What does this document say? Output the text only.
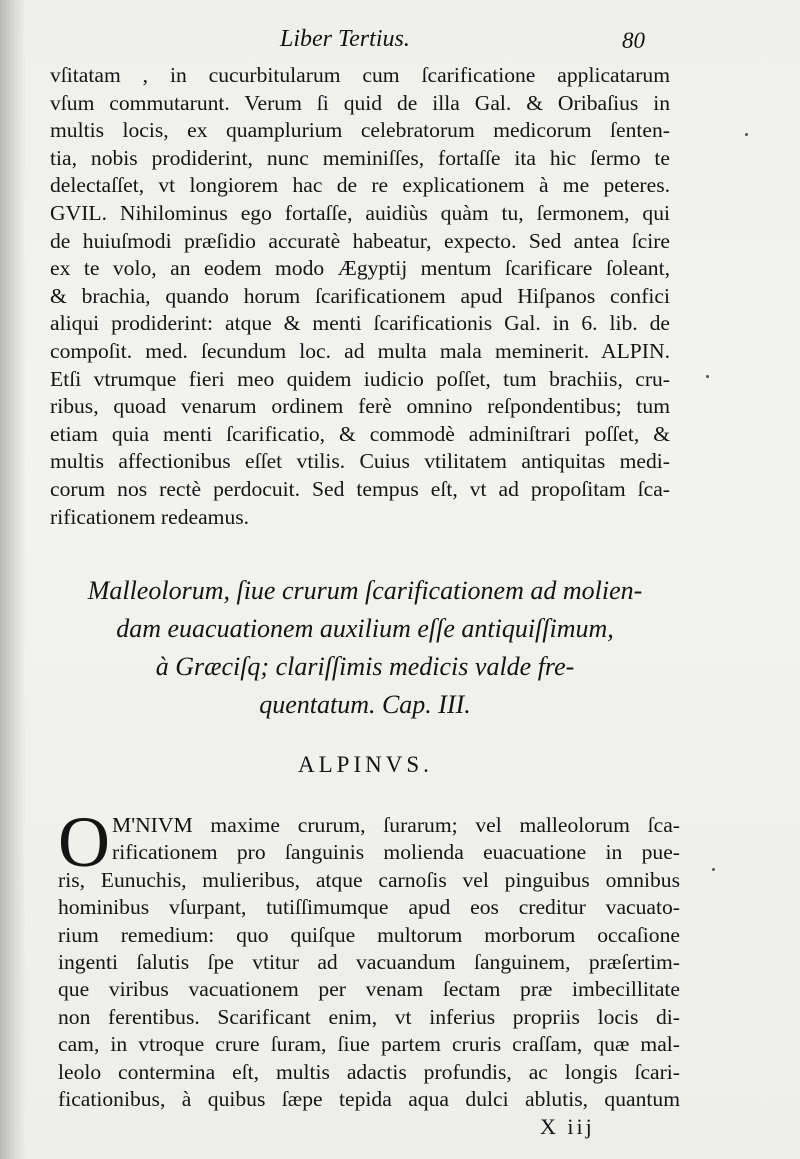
Liber Tertius.	80
vſitatam , in cucurbitularum cum ſcarificatione applicatarum
vſum commutarunt. Verum ſi quid de illa Gal. & Oribaſius in
multis locis, ex quamplurium celebratorum medicorum ſenten-
tia, nobis prodiderint, nunc meminiſſes, fortaſſe ita hic ſermo te
delectaſſet, vt longiorem hac de re explicationem à me peteres.
GVIL. Nihilominus ego fortaſſe, auidiùs quàm tu, ſermonem, qui
de huiuſmodi præſidio accuratè habeatur, expecto. Sed antea ſcire
ex te volo, an eodem modo Ægyptij mentum ſcarificare ſoleant,
& brachia, quando horum ſcarificationem apud Hiſpanos confici
aliqui prodiderint: atque & menti ſcarificationis Gal. in 6. lib. de
compoſit. med. ſecundum loc. ad multa mala meminerit. ALPIN.
Etſi vtrumque fieri meo quidem iudicio poſſet, tum brachiis, cru-
ribus, quoad venarum ordinem ferè omnino reſpondentibus; tum
etiam quia menti ſcarificatio, & commodè adminiſtrari poſſet, &
multis affectionibus eſſet vtilis. Cuius vtilitatem antiquitas medi-
corum nos rectè perdocuit. Sed tempus eſt, vt ad propoſitam ſca-
rificationem redeamus.
Malleolorum, ſiue crurum ſcarificationem ad molien-
dam euacuationem auxilium eſſe antiquiſſimum,
à Græciſq; clariſſimis medicis valde fre-
quentatum. Cap. III.
ALPINVS.
O M'NIVM maxime crurum, ſurarum; vel malleolorum ſca-
rificationem pro ſanguinis molienda euacuatione in pue-
ris, Eunuchis, mulieribus, atque carnoſis vel pinguibus omnibus
hominibus vſurpant, tutiſſimumque apud eos creditur vacuato-
rium remedium: quo quiſque multorum morborum occaſione
ingenti ſalutis ſpe vtitur ad vacuandum ſanguinem, præſertim-
que viribus vacuationem per venam ſectam præ imbecillitate
non ferentibus. Scarificant enim, vt inferius propriis locis di-
cam, in vtroque crure ſuram, ſiue partem cruris craſſam, quæ mal-
leolo contermina eſt, multis adactis profundis, ac longis ſcari-
ficationibus, à quibus ſæpe tepida aqua dulci ablutis, quantum
X iij
